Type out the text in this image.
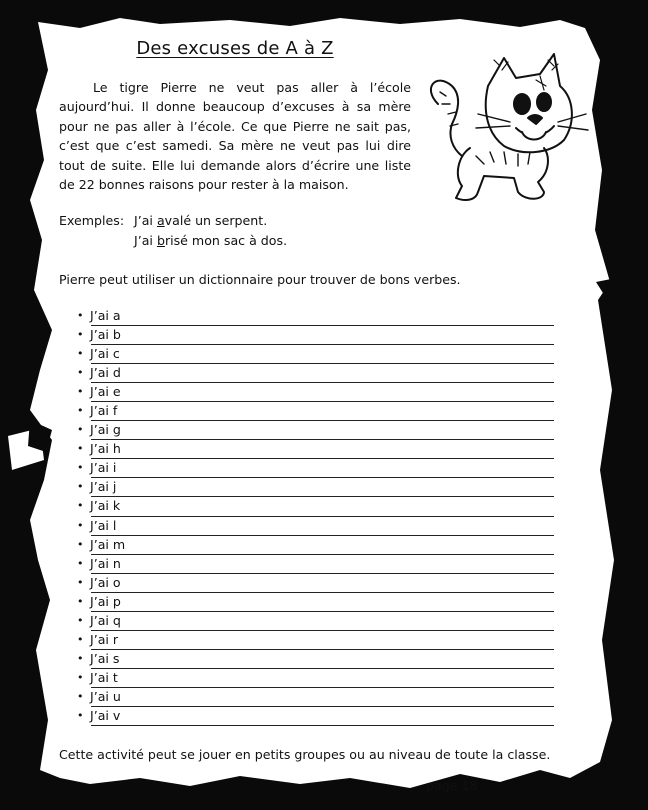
Des excuses de A à Z
Le tigre Pierre ne veut pas aller à l’école aujourd’hui. Il donne beaucoup d’excuses à sa mère pour ne pas aller à l’école. Ce que Pierre ne sait pas, c’est que c’est samedi. Sa mère ne veut pas lui dire tout de suite. Elle lui demande alors d’écrire une liste de 22 bonnes raisons pour rester à la maison.
Exemples: J’ai avalé un serpent.
J’ai brisé mon sac à dos.
Pierre peut utiliser un dictionnaire pour trouver de bons verbes.
• J’ai a
• J’ai b
• J’ai c
• J’ai d
• J’ai e
• J’ai f
• J’ai g
• J’ai h
• J’ai i
• J’ai j
• J’ai k
• J’ai l
• J’ai m
• J’ai n
• J’ai o
• J’ai p
• J’ai q
• J’ai r
• J’ai s
• J’ai t
• J’ai u
• J’ai v
Cette activité peut se jouer en petits groupes ou au niveau de toute la classe.
page 18
